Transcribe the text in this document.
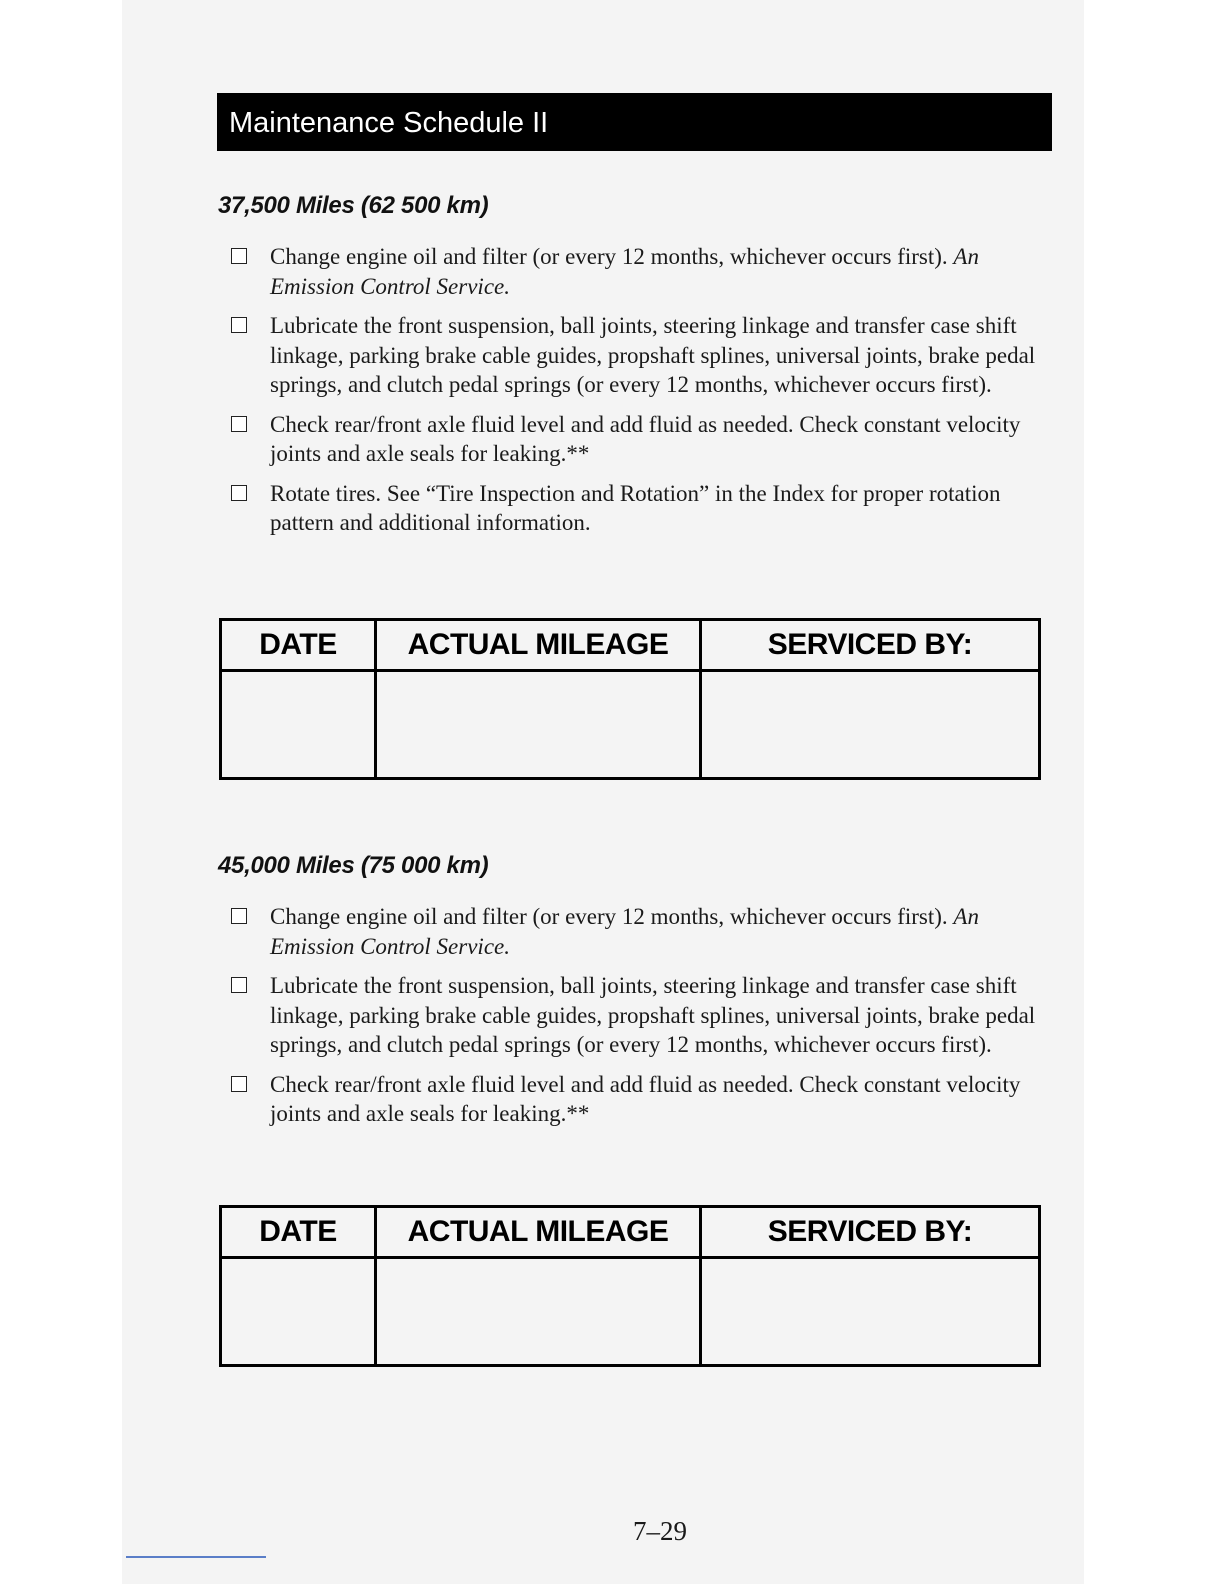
Maintenance Schedule II
37,500 Miles (62 500 km)
Change engine oil and filter (or every 12 months, whichever occurs first). An Emission Control Service.
Lubricate the front suspension, ball joints, steering linkage and transfer case shift linkage, parking brake cable guides, propshaft splines, universal joints, brake pedal springs, and clutch pedal springs (or every 12 months, whichever occurs first).
Check rear/front axle fluid level and add fluid as needed. Check constant velocity joints and axle seals for leaking.**
Rotate tires. See “Tire Inspection and Rotation” in the Index for proper rotation pattern and additional information.
DATE	ACTUAL MILEAGE	SERVICED BY:

45,000 Miles (75 000 km)
Change engine oil and filter (or every 12 months, whichever occurs first). An Emission Control Service.
Lubricate the front suspension, ball joints, steering linkage and transfer case shift linkage, parking brake cable guides, propshaft splines, universal joints, brake pedal springs, and clutch pedal springs (or every 12 months, whichever occurs first).
Check rear/front axle fluid level and add fluid as needed. Check constant velocity joints and axle seals for leaking.**
DATE	ACTUAL MILEAGE	SERVICED BY:

7–29
